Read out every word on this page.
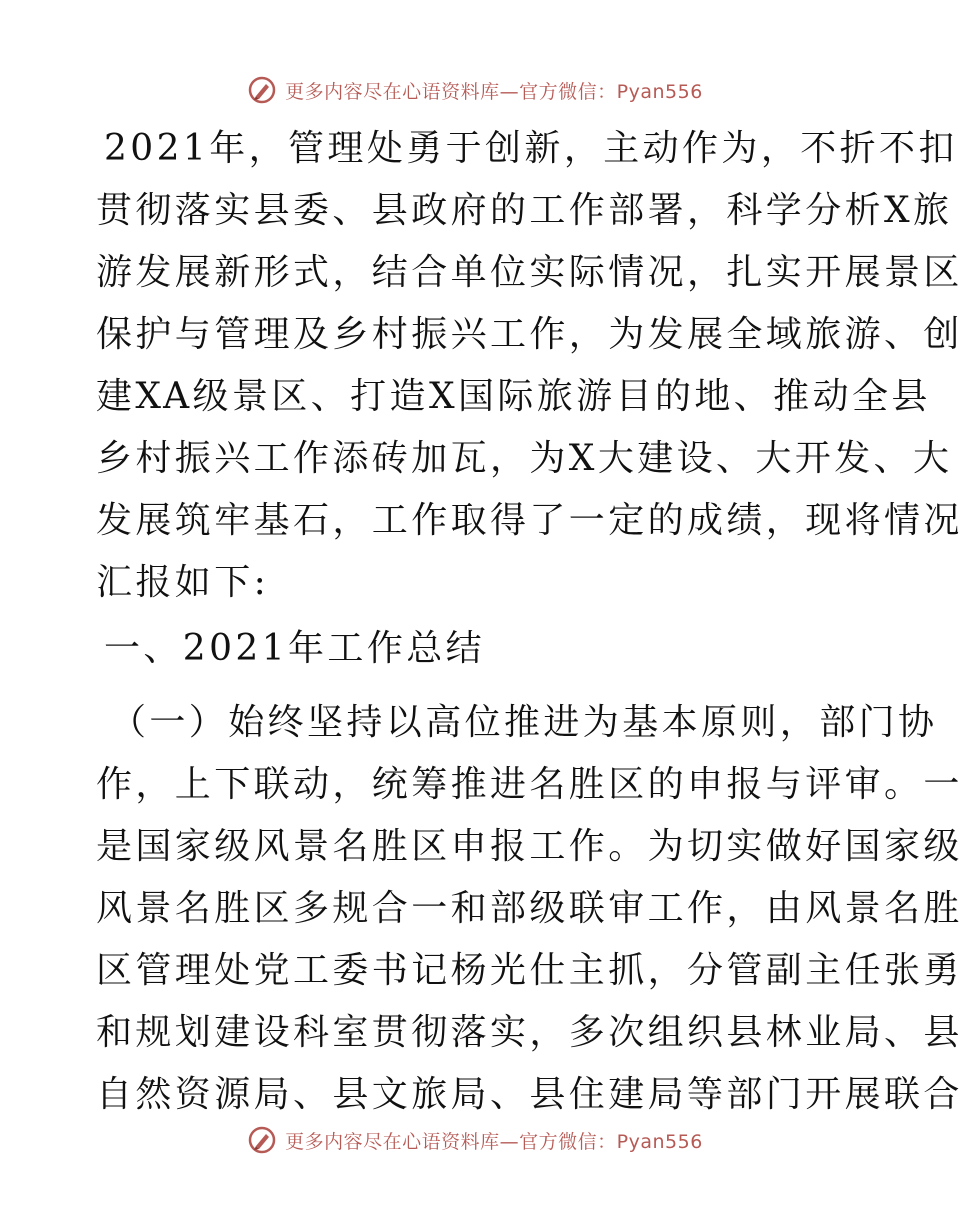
更多内容尽在心语资料库—官方微信：Pyan556
2021年，管理处勇于创新，主动作为，不折不扣
贯彻落实县委、县政府的工作部署，科学分析X旅
游发展新形式，结合单位实际情况，扎实开展景区
保护与管理及乡村振兴工作，为发展全域旅游、创
建XA级景区、打造X国际旅游目的地、推动全县
乡村振兴工作添砖加瓦，为X大建设、大开发、大
发展筑牢基石，工作取得了一定的成绩，现将情况
汇报如下:
一、2021年工作总结
（一）始终坚持以高位推进为基本原则，部门协
作，上下联动，统筹推进名胜区的申报与评审。一
是国家级风景名胜区申报工作。为切实做好国家级
风景名胜区多规合一和部级联审工作，由风景名胜
区管理处党工委书记杨光仕主抓，分管副主任张勇
和规划建设科室贯彻落实，多次组织县林业局、县
自然资源局、县文旅局、县住建局等部门开展联合
更多内容尽在心语资料库—官方微信：Pyan556
